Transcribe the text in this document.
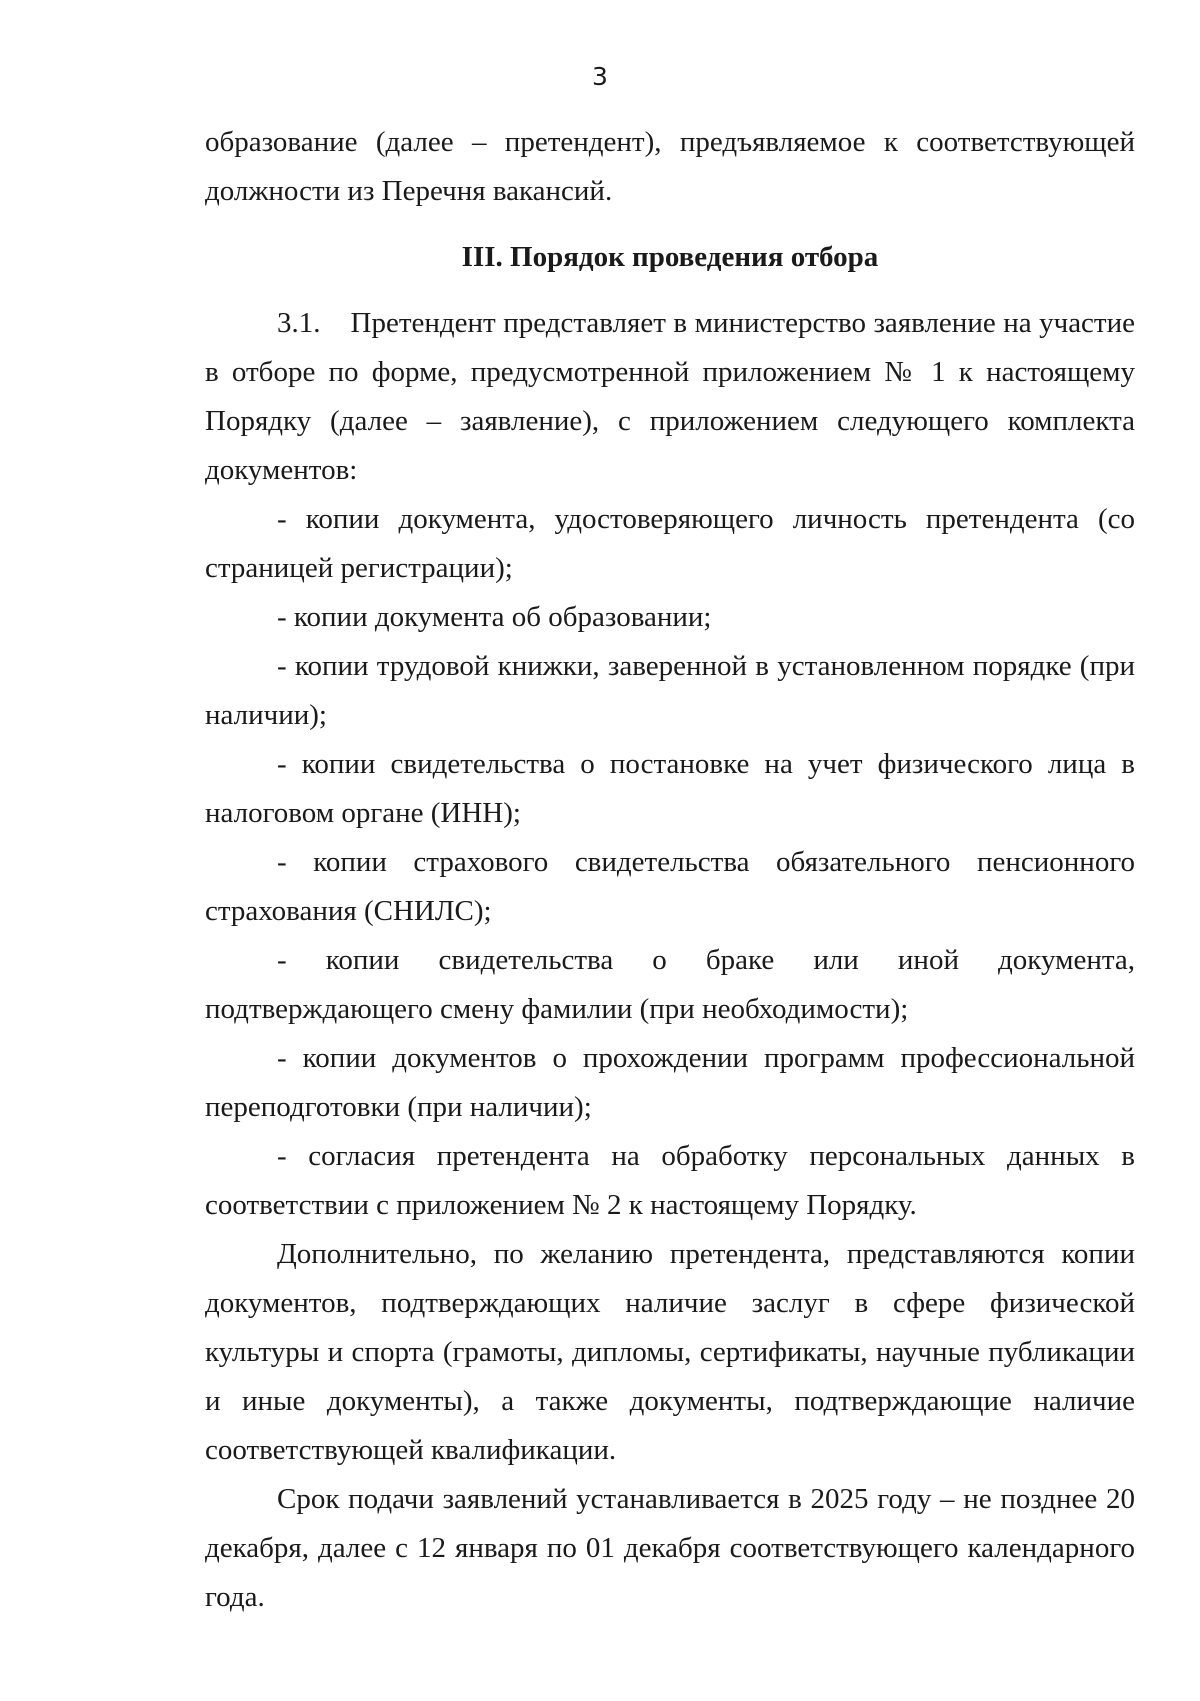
3

образование (далее – претендент), предъявляемое к соответствующей должности из Перечня вакансий.

III. Порядок проведения отбора

3.1. Претендент представляет в министерство заявление на участие в отборе по форме, предусмотренной приложением № 1 к настоящему Порядку (далее – заявление), с приложением следующего комплекта документов:

- копии документа, удостоверяющего личность претендента (со страницей регистрации);

- копии документа об образовании;

- копии трудовой книжки, заверенной в установленном порядке (при наличии);

- копии свидетельства о постановке на учет физического лица в налоговом органе (ИНН);

- копии страхового свидетельства обязательного пенсионного страхования (СНИЛС);

- копии свидетельства о браке или иной документа, подтверждающего смену фамилии (при необходимости);

- копии документов о прохождении программ профессиональной переподготовки (при наличии);

- согласия претендента на обработку персональных данных в соответствии с приложением № 2 к настоящему Порядку.

Дополнительно, по желанию претендента, представляются копии документов, подтверждающих наличие заслуг в сфере физической культуры и спорта (грамоты, дипломы, сертификаты, научные публикации и иные документы), а также документы, подтверждающие наличие соответствующей квалификации.

Срок подачи заявлений устанавливается в 2025 году – не позднее 20 декабря, далее с 12 января по 01 декабря соответствующего календарного года.
